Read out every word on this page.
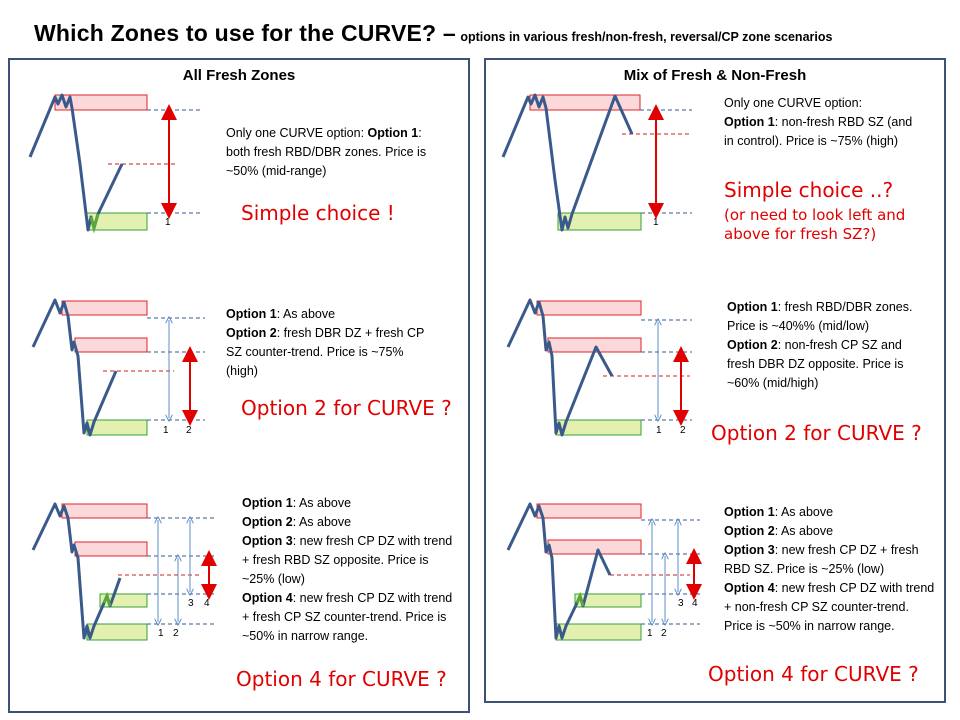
Which Zones to use for the CURVE? – options in various fresh/non-fresh, reversal/CP zone scenarios
All Fresh Zones	Mix of Fresh & Non-Fresh
1
1 2
1 2
3 4
1
1 2
1 2
3 4
Only one CURVE option: Option 1: both fresh RBD/DBR zones. Price is ~50% (mid-range)
Simple choice !
Option 1: As above
Option 2: fresh DBR DZ + fresh CP SZ counter-trend. Price is ~75% (high)
Option 2 for CURVE ?
Option 1: As above
Option 2: As above
Option 3: new fresh CP DZ with trend + fresh RBD SZ opposite. Price is ~25% (low)
Option 4: new fresh CP DZ with trend + fresh CP SZ counter-trend. Price is ~50% in narrow range.
Option 4 for CURVE ?
Only one CURVE option:
Option 1: non-fresh RBD SZ (and in control). Price is ~75% (high)
Simple choice ..?
(or need to look left and above for fresh SZ?)
Option 1: fresh RBD/DBR zones. Price is ~40%% (mid/low)
Option 2: non-fresh CP SZ and fresh DBR DZ opposite. Price is ~60% (mid/high)
Option 2 for CURVE ?
Option 1: As above
Option 2: As above
Option 3: new fresh CP DZ + fresh RBD SZ. Price is ~25% (low)
Option 4: new fresh CP DZ with trend + non-fresh CP SZ counter-trend. Price is ~50% in narrow range.
Option 4 for CURVE ?
